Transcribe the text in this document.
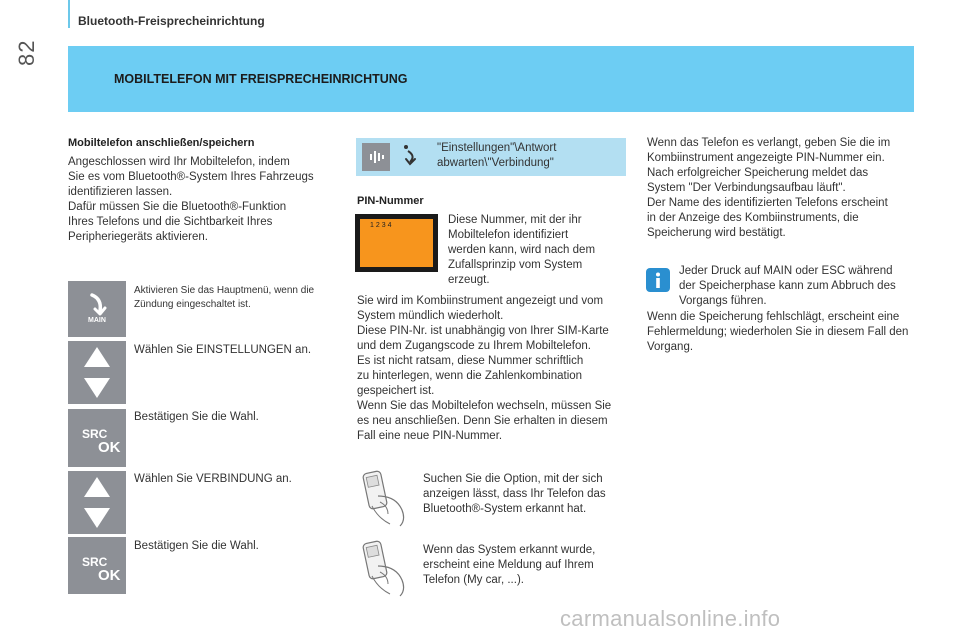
82
Bluetooth-Freisprecheinrichtung
MOBILTELEFON MIT FREISPRECHEINRICHTUNG
Mobiltelefon anschließen/speichern
Angeschlossen wird Ihr Mobiltelefon, indem
Sie es vom Bluetooth®-System Ihres Fahrzeugs
identifizieren lassen.
Dafür müssen Sie die Bluetooth®-Funktion
Ihres Telefons und die Sichtbarkeit Ihres
Peripheriegeräts aktivieren.
MAIN
Aktivieren Sie das Hauptmenü, wenn die
Zündung eingeschaltet ist.
Wählen Sie EINSTELLUNGEN an.
SRC
OK
Bestätigen Sie die Wahl.
Wählen Sie VERBINDUNG an.
SRC
OK
Bestätigen Sie die Wahl.
"Einstellungen"\Antwort
abwarten\"Verbindung"
PIN-Nummer
1234	Diese Nummer, mit der ihr
Mobiltelefon identifiziert
werden kann, wird nach dem
Zufallsprinzip vom System
erzeugt.
Sie wird im Kombiinstrument angezeigt und vom
System mündlich wiederholt.
Diese PIN-Nr. ist unabhängig von Ihrer SIM-Karte
und dem Zugangscode zu Ihrem Mobiltelefon.
Es ist nicht ratsam, diese Nummer schriftlich
zu hinterlegen, wenn die Zahlenkombination
gespeichert ist.
Wenn Sie das Mobiltelefon wechseln, müssen Sie
es neu anschließen. Denn Sie erhalten in diesem
Fall eine neue PIN-Nummer.
Suchen Sie die Option, mit der sich
anzeigen lässt, dass Ihr Telefon das
Bluetooth®-System erkannt hat.
Wenn das System erkannt wurde,
erscheint eine Meldung auf Ihrem
Telefon (My car, ...).
Wenn das Telefon es verlangt, geben Sie die im
Kombiinstrument angezeigte PIN-Nummer ein.
Nach erfolgreicher Speicherung meldet das
System "Der Verbindungsaufbau läuft".
Der Name des identifizierten Telefons erscheint
in der Anzeige des Kombiinstruments, die
Speicherung wird bestätigt.
Jeder Druck auf MAIN oder ESC während
der Speicherphase kann zum Abbruch des
Vorgangs führen.
Wenn die Speicherung fehlschlägt, erscheint eine
Fehlermeldung; wiederholen Sie in diesem Fall den
Vorgang.
carmanualsonline.info
